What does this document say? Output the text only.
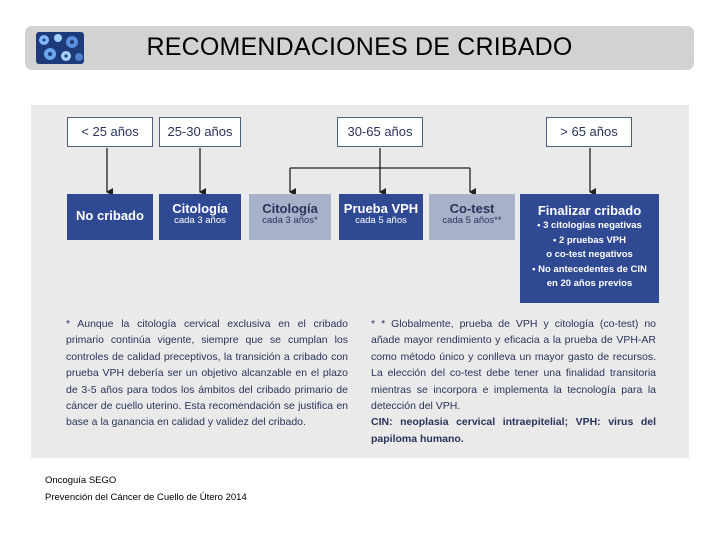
RECOMENDACIONES DE CRIBADO
< 25 años	25-30 años	30-65 años	> 65 años
No cribado	Citología
cada 3 años
Citología
cada 3 años*
Prueba VPH
cada 5 años
Co-test
cada 5 años**
Finalizar cribado
• 3 citologías negativas
• 2 pruebas VPH
o co-test negativos
• No antecedentes de CIN
en 20 años previos
* Aunque la citología cervical exclusiva en el cribado primario continúa vigente, siempre que se cumplan los controles de calidad preceptivos, la transición a cribado con prueba VPH debería ser un objetivo alcanzable en el plazo de 3-5 años para todos los ámbitos del cribado primario de cáncer de cuello uterino. Esta recomendación se justifica en base a la ganancia en calidad y validez del cribado.
* * Globalmente, prueba de VPH y citología (co-test) no añade mayor rendimiento y eficacia a la prueba de VPH-AR como método único y conlleva un mayor gasto de recursos. La elección del co-test debe tener una finalidad transitoria mientras se incorpora e implementa la tecnología para la detección del VPH.
CIN: neoplasia cervical intraepitelial; VPH: virus del papiloma humano.
Oncoguía SEGO
Prevención del Cáncer de Cuello de Útero 2014
